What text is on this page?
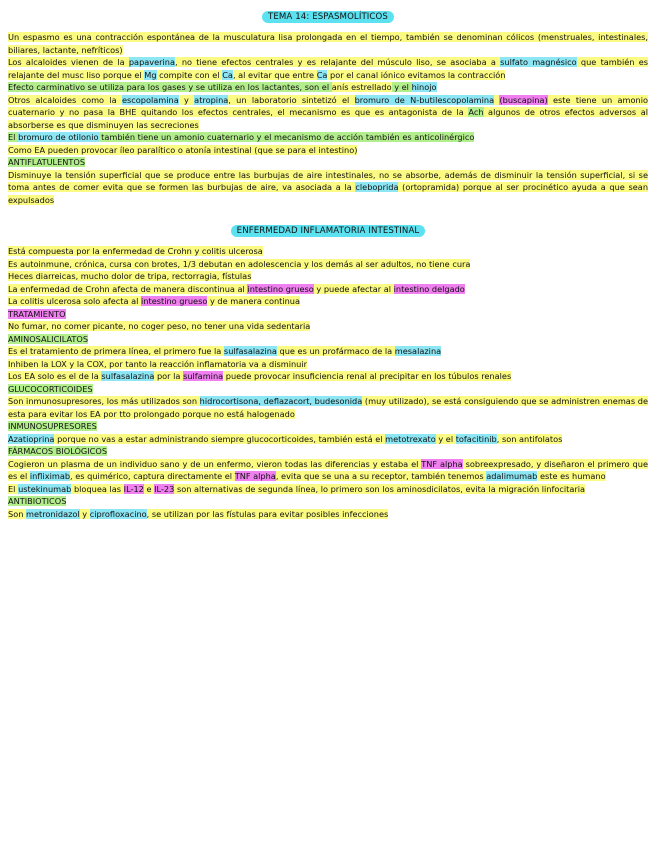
TEMA 14: ESPASMOLÍTICOS

Un espasmo es una contracción espontánea de la musculatura lisa prolongada en el tiempo, también se denominan cólicos (menstruales, intestinales, biliares, lactante, nefríticos)

Los alcaloides vienen de la papaverina, no tiene efectos centrales y es relajante del músculo liso, se asociaba a sulfato magnésico que también es relajante del musc liso porque el Mg compite con el Ca, al evitar que entre Ca por el canal iónico evitamos la contracción

Efecto carminativo se utiliza para los gases y se utiliza en los lactantes, son el anís estrellado y el hinojo

Otros alcaloides como la escopolamina y atropina, un laboratorio sintetizó el bromuro de N-butilescopolamina (buscapina) este tiene un amonio cuaternario y no pasa la BHE quitando los efectos centrales, el mecanismo es que es antagonista de la Ach algunos de otros efectos adversos al absorberse es que disminuyen las secreciones

El bromuro de otilonio también tiene un amonio cuaternario y el mecanismo de acción también es anticolinérgico

Como EA pueden provocar íleo paralítico o atonía intestinal (que se para el intestino)

ANTIFLATULENTOS

Disminuye la tensión superficial que se produce entre las burbujas de aire intestinales, no se absorbe, además de disminuir la tensión superficial, si se toma antes de comer evita que se formen las burbujas de aire, va asociada a la cleboprida (ortopramida) porque al ser procinético ayuda a que sean expulsados

ENFERMEDAD INFLAMATORIA INTESTINAL

Está compuesta por la enfermedad de Crohn y colitis ulcerosa

Es autoinmune, crónica, cursa con brotes, 1/3 debutan en adolescencia y los demás al ser adultos, no tiene cura

Heces diarreicas, mucho dolor de tripa, rectorragia, fístulas

La enfermedad de Crohn afecta de manera discontinua al intestino grueso y puede afectar al intestino delgado

La colitis ulcerosa solo afecta al intestino grueso y de manera continua

TRATAMIENTO

No fumar, no comer picante, no coger peso, no tener una vida sedentaria

AMINOSALICILATOS

Es el tratamiento de primera línea, el primero fue la sulfasalazina que es un profármaco de la mesalazina

Inhiben la LOX y la COX, por tanto la reacción inflamatoria va a disminuir

Los EA solo es el de la sulfasalazina por la sulfamina puede provocar insuficiencia renal al precipitar en los túbulos renales

GLUCOCORTICOIDES

Son inmunosupresores, los más utilizados son hidrocortisona, deflazacort, budesonida (muy utilizado), se está consiguiendo que se administren enemas de esta para evitar los EA por tto prolongado porque no está halogenado

INMUNOSUPRESORES

Azatioprina porque no vas a estar administrando siempre glucocorticoides, también está el metotrexato y el tofacitinib, son antifolatos

FÁRMACOS BIOLÓGICOS

Cogieron un plasma de un individuo sano y de un enfermo, vieron todas las diferencias y estaba el TNF alpha sobreexpresado, y diseñaron el primero que es el infliximab, es quimérico, captura directamente el TNF alpha, evita que se una a su receptor, también tenemos adalimumab este es humano

El ustekinumab bloquea las IL-12 e IL-23 son alternativas de segunda línea, lo primero son los aminosdicilatos, evita la migración linfocitaria

ANTIBIOTICOS

Son metronidazol y ciprofloxacino, se utilizan por las fístulas para evitar posibles infecciones
